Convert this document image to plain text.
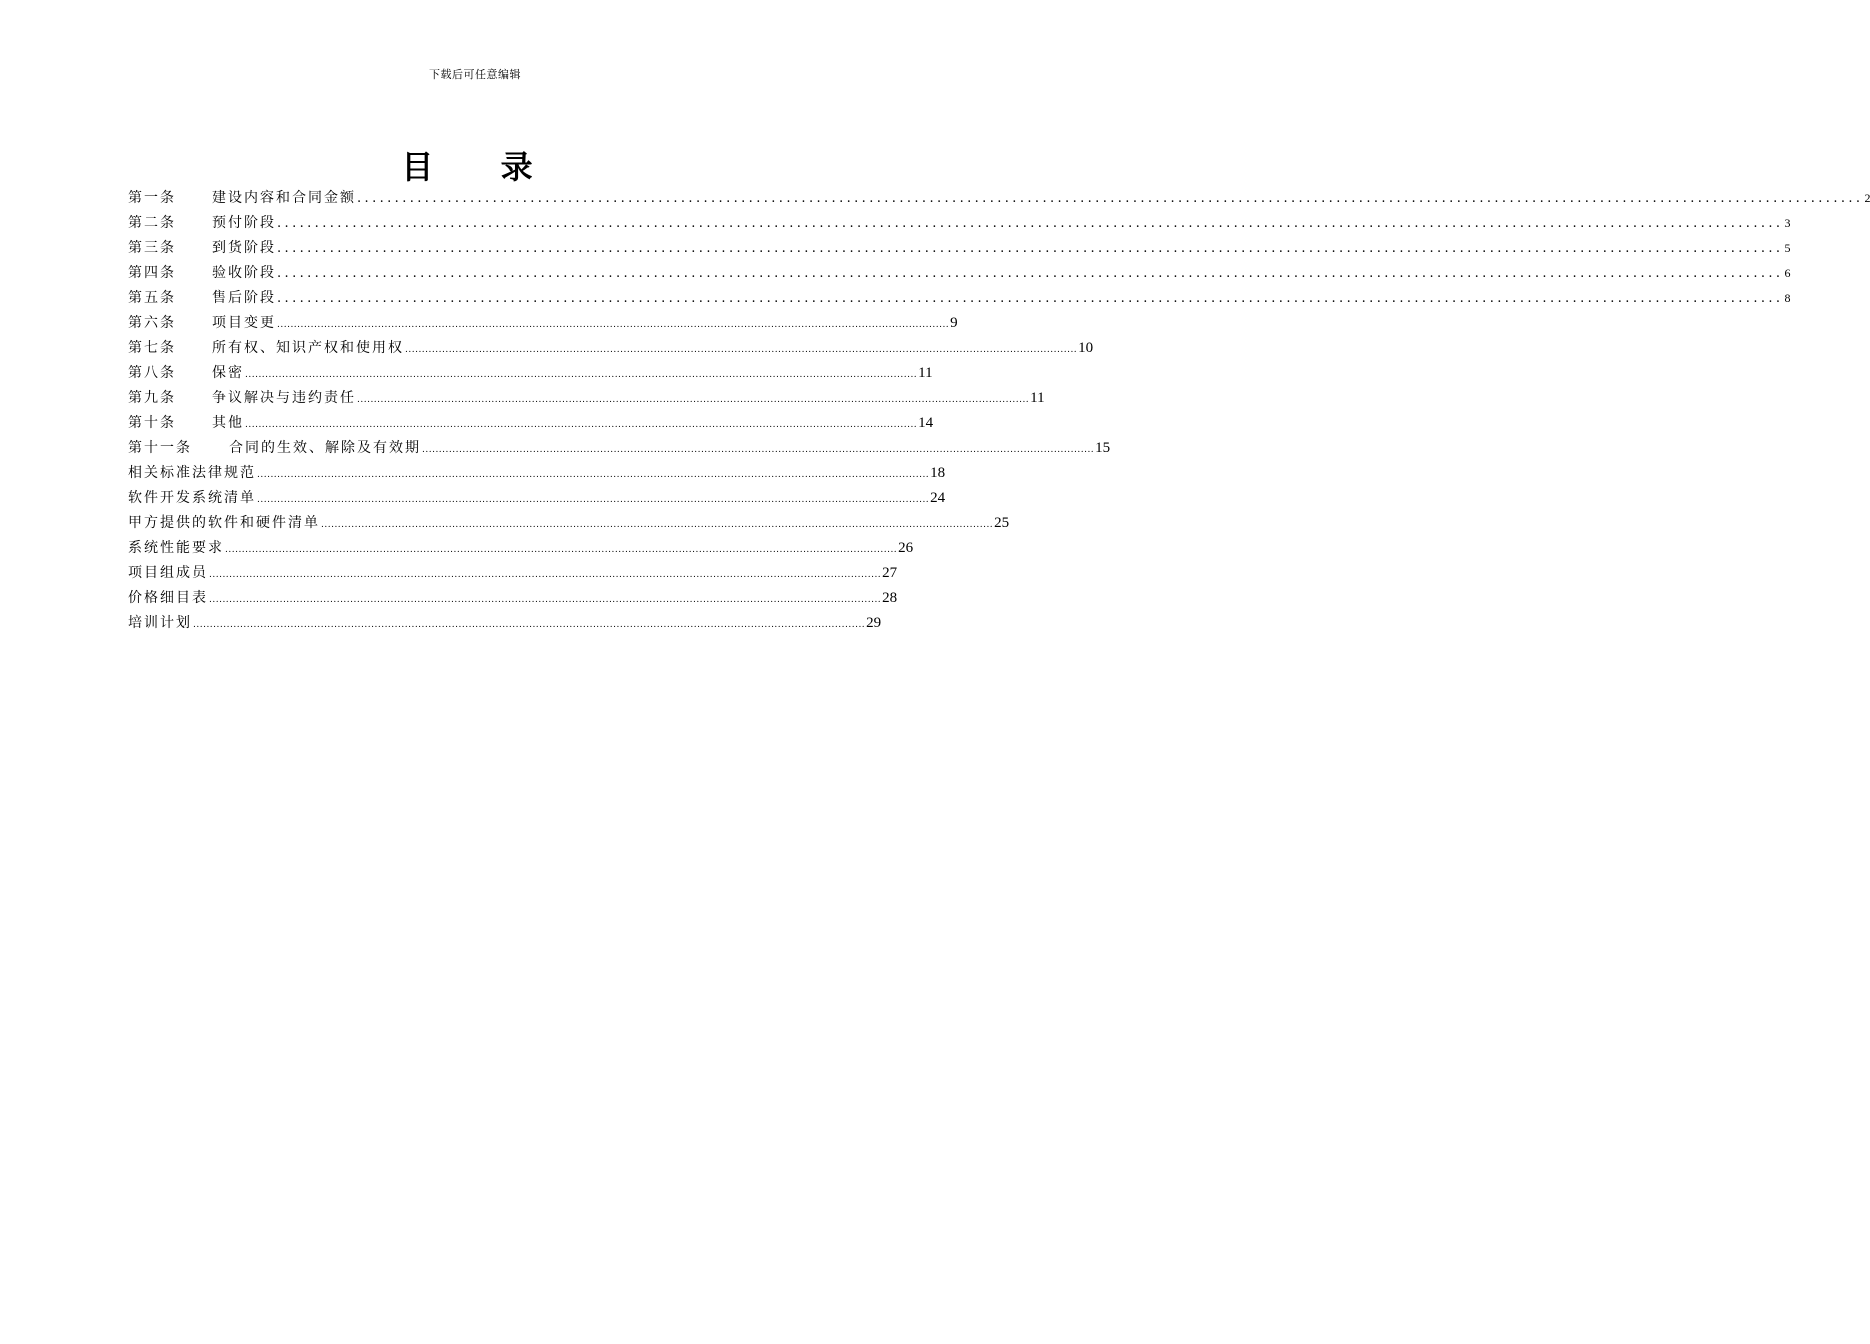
下载后可任意编辑
目 录
第一条	建设内容和合同金额 ........................................................................................................................................................................................................ 2
第二条	预付阶段 ........................................................................................................................................................................................................ 3
第三条	到货阶段 ........................................................................................................................................................................................................ 5
第四条	验收阶段 ........................................................................................................................................................................................................ 6
第五条	售后阶段 ........................................................................................................................................................................................................ 8
第六条	项目变更 ........................................................................................................................................................................................................ 9
第七条	所有权、知识产权和使用权 ........................................................................................................................................................................................................ 10
第八条	保密 ........................................................................................................................................................................................................ 11
第九条	争议解决与违约责任 ........................................................................................................................................................................................................ 11
第十条	其他 ........................................................................................................................................................................................................ 14
第十一条	合同的生效、解除及有效期 ........................................................................................................................................................................................................ 15
相关标准法律规范 ........................................................................................................................................................................................................ 18
软件开发系统清单 ........................................................................................................................................................................................................ 24
甲方提供的软件和硬件清单 ........................................................................................................................................................................................................ 25
系统性能要求 ........................................................................................................................................................................................................ 26
项目组成员 ........................................................................................................................................................................................................ 27
价格细目表 ........................................................................................................................................................................................................ 28
培训计划 ........................................................................................................................................................................................................ 29
